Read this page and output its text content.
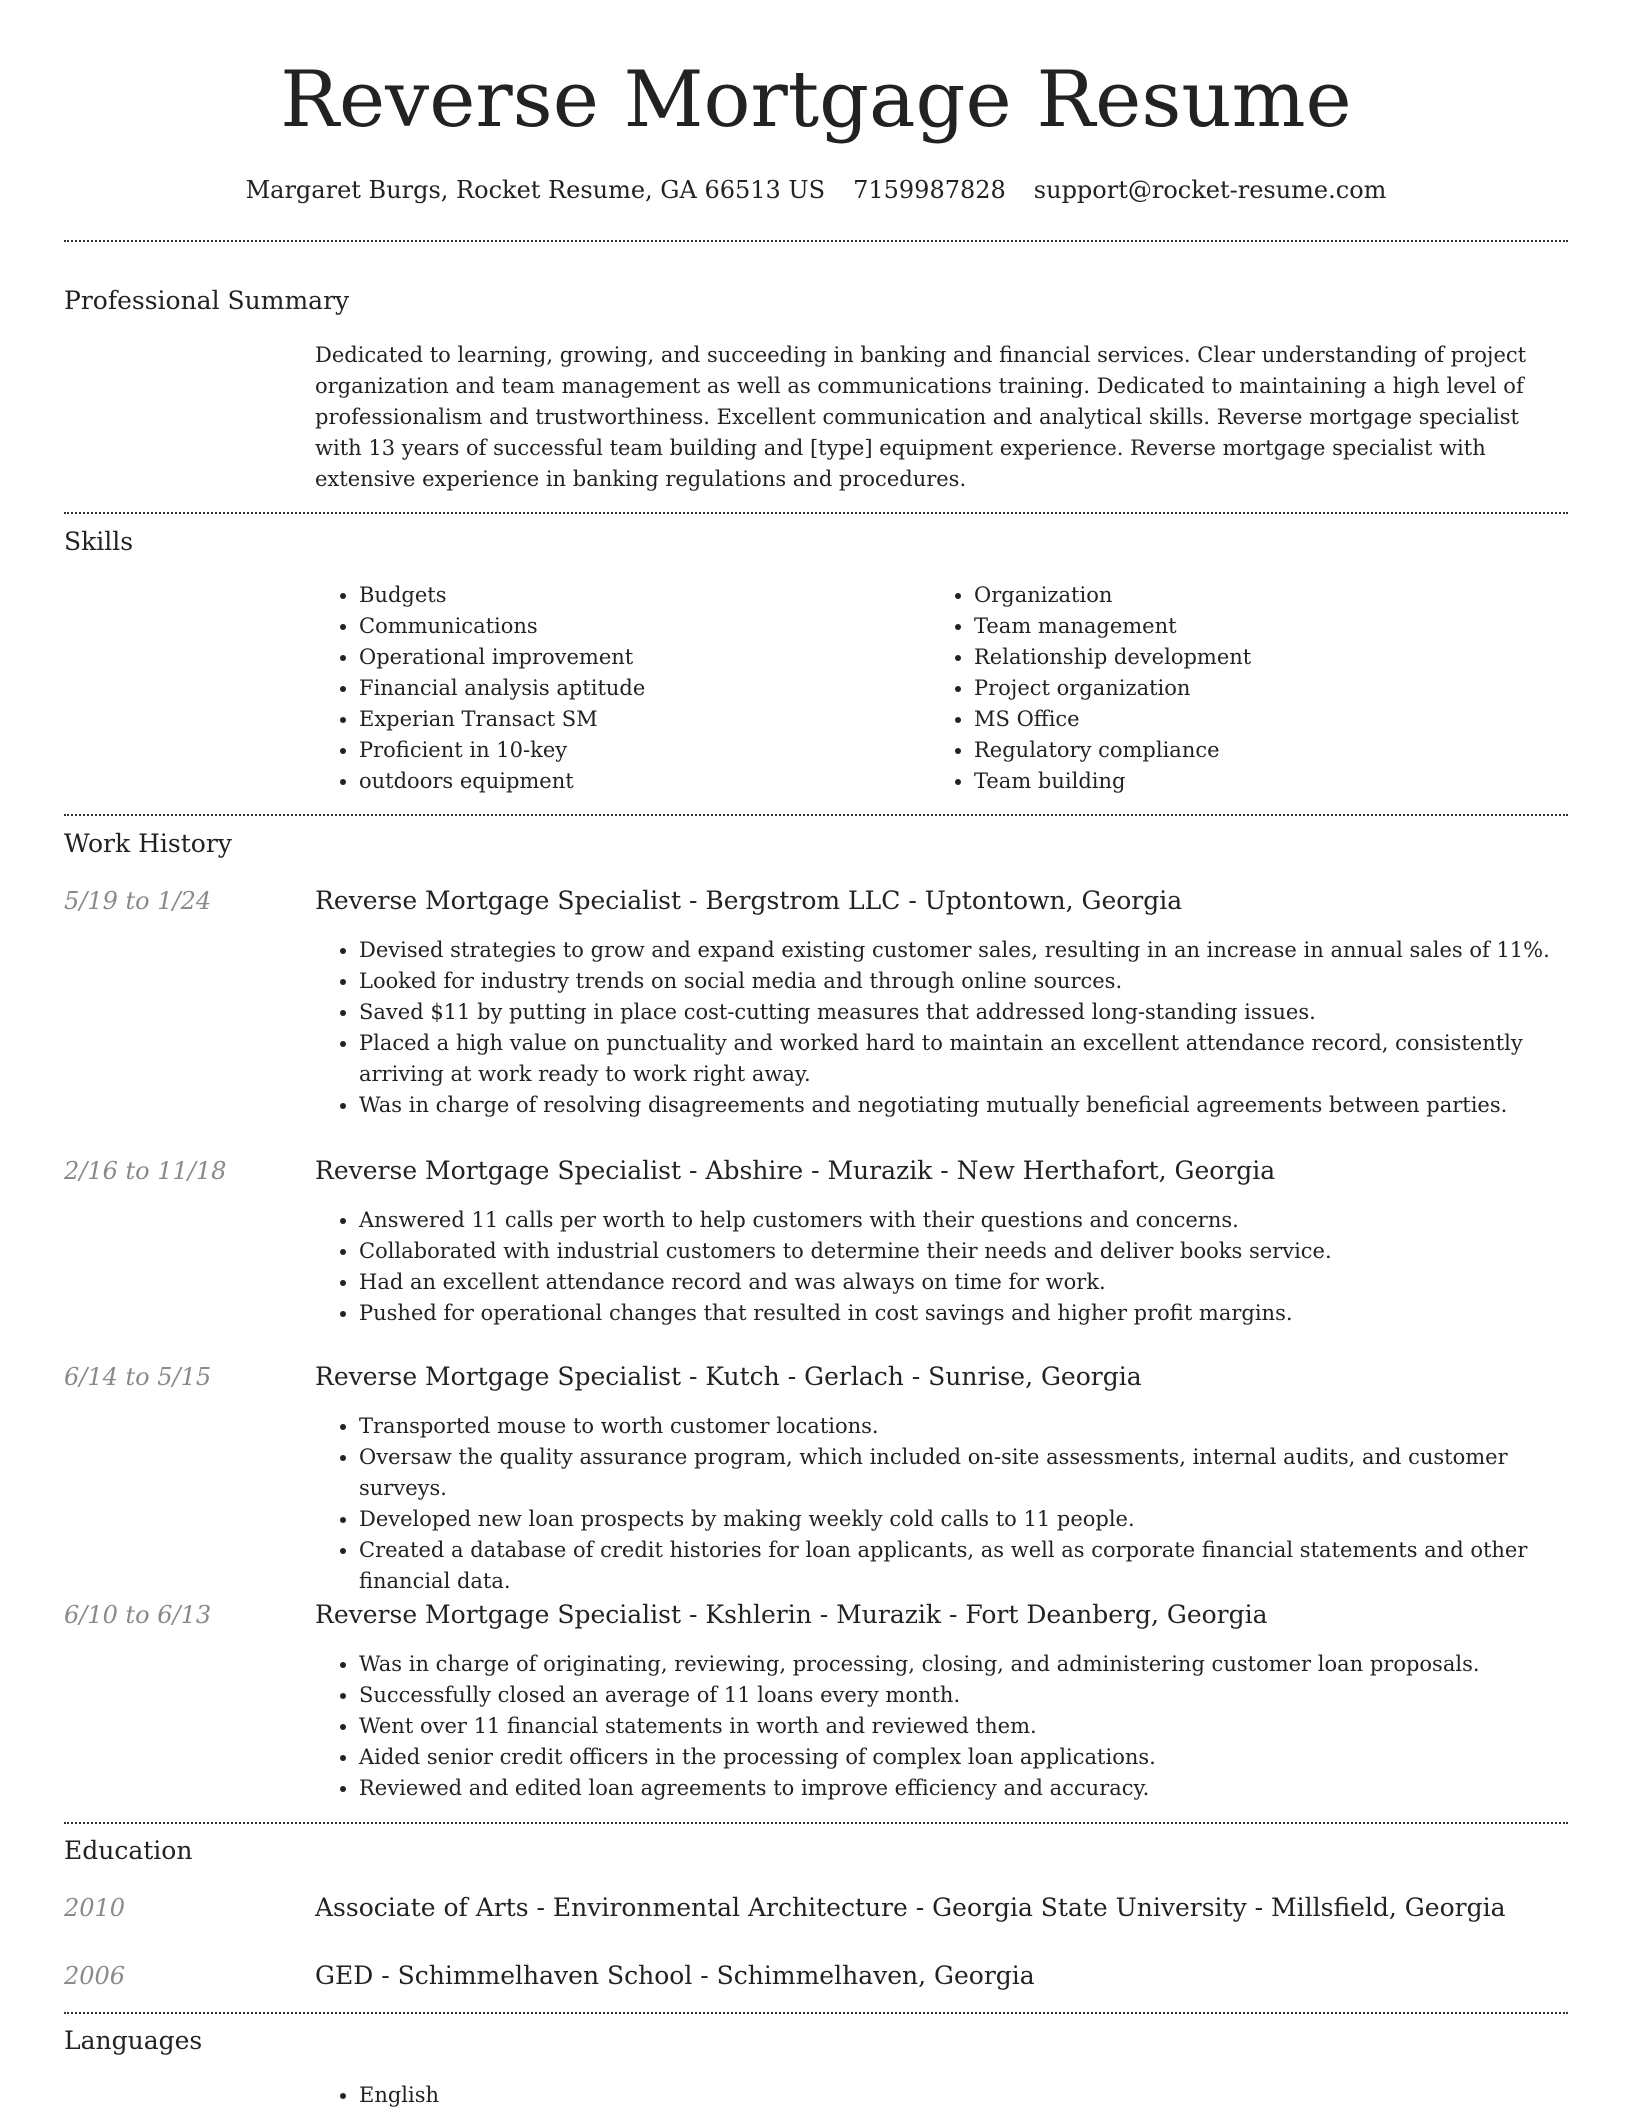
Reverse Mortgage Resume
Margaret Burgs, Rocket Resume, GA 66513 US 7159987828 support@rocket-resume.com
Professional Summary

Dedicated to learning, growing, and succeeding in banking and financial services. Clear understanding of project organization and team management as well as communications training. Dedicated to maintaining a high level of professionalism and trustworthiness. Excellent communication and analytical skills. Reverse mortgage specialist with 13 years of successful team building and [type] equipment experience. Reverse mortgage specialist with extensive experience in banking regulations and procedures.

Skills
• Budgets
• Communications
• Operational improvement
• Financial analysis aptitude
• Experian Transact SM
• Proficient in 10-key
• outdoors equipment
• Organization
• Team management
• Relationship development
• Project organization
• MS Office
• Regulatory compliance
• Team building
Work History
5/19 to 1/24	Reverse Mortgage Specialist - Bergstrom LLC - Uptontown, Georgia
• Devised strategies to grow and expand existing customer sales, resulting in an increase in annual sales of 11%.
• Looked for industry trends on social media and through online sources.
• Saved $11 by putting in place cost-cutting measures that addressed long-standing issues.
• Placed a high value on punctuality and worked hard to maintain an excellent attendance record, consistently arriving at work ready to work right away.
• Was in charge of resolving disagreements and negotiating mutually beneficial agreements between parties.
2/16 to 11/18	Reverse Mortgage Specialist - Abshire - Murazik - New Herthafort, Georgia
• Answered 11 calls per worth to help customers with their questions and concerns.
• Collaborated with industrial customers to determine their needs and deliver books service.
• Had an excellent attendance record and was always on time for work.
• Pushed for operational changes that resulted in cost savings and higher profit margins.
6/14 to 5/15	Reverse Mortgage Specialist - Kutch - Gerlach - Sunrise, Georgia
• Transported mouse to worth customer locations.
• Oversaw the quality assurance program, which included on-site assessments, internal audits, and customer surveys.
• Developed new loan prospects by making weekly cold calls to 11 people.
• Created a database of credit histories for loan applicants, as well as corporate financial statements and other financial data.
6/10 to 6/13	Reverse Mortgage Specialist - Kshlerin - Murazik - Fort Deanberg, Georgia
• Was in charge of originating, reviewing, processing, closing, and administering customer loan proposals.
• Successfully closed an average of 11 loans every month.
• Went over 11 financial statements in worth and reviewed them.
• Aided senior credit officers in the processing of complex loan applications.
• Reviewed and edited loan agreements to improve efficiency and accuracy.
Education
2010	Associate of Arts - Environmental Architecture - Georgia State University - Millsfield, Georgia
2006	GED - Schimmelhaven School - Schimmelhaven, Georgia
Languages
• English
